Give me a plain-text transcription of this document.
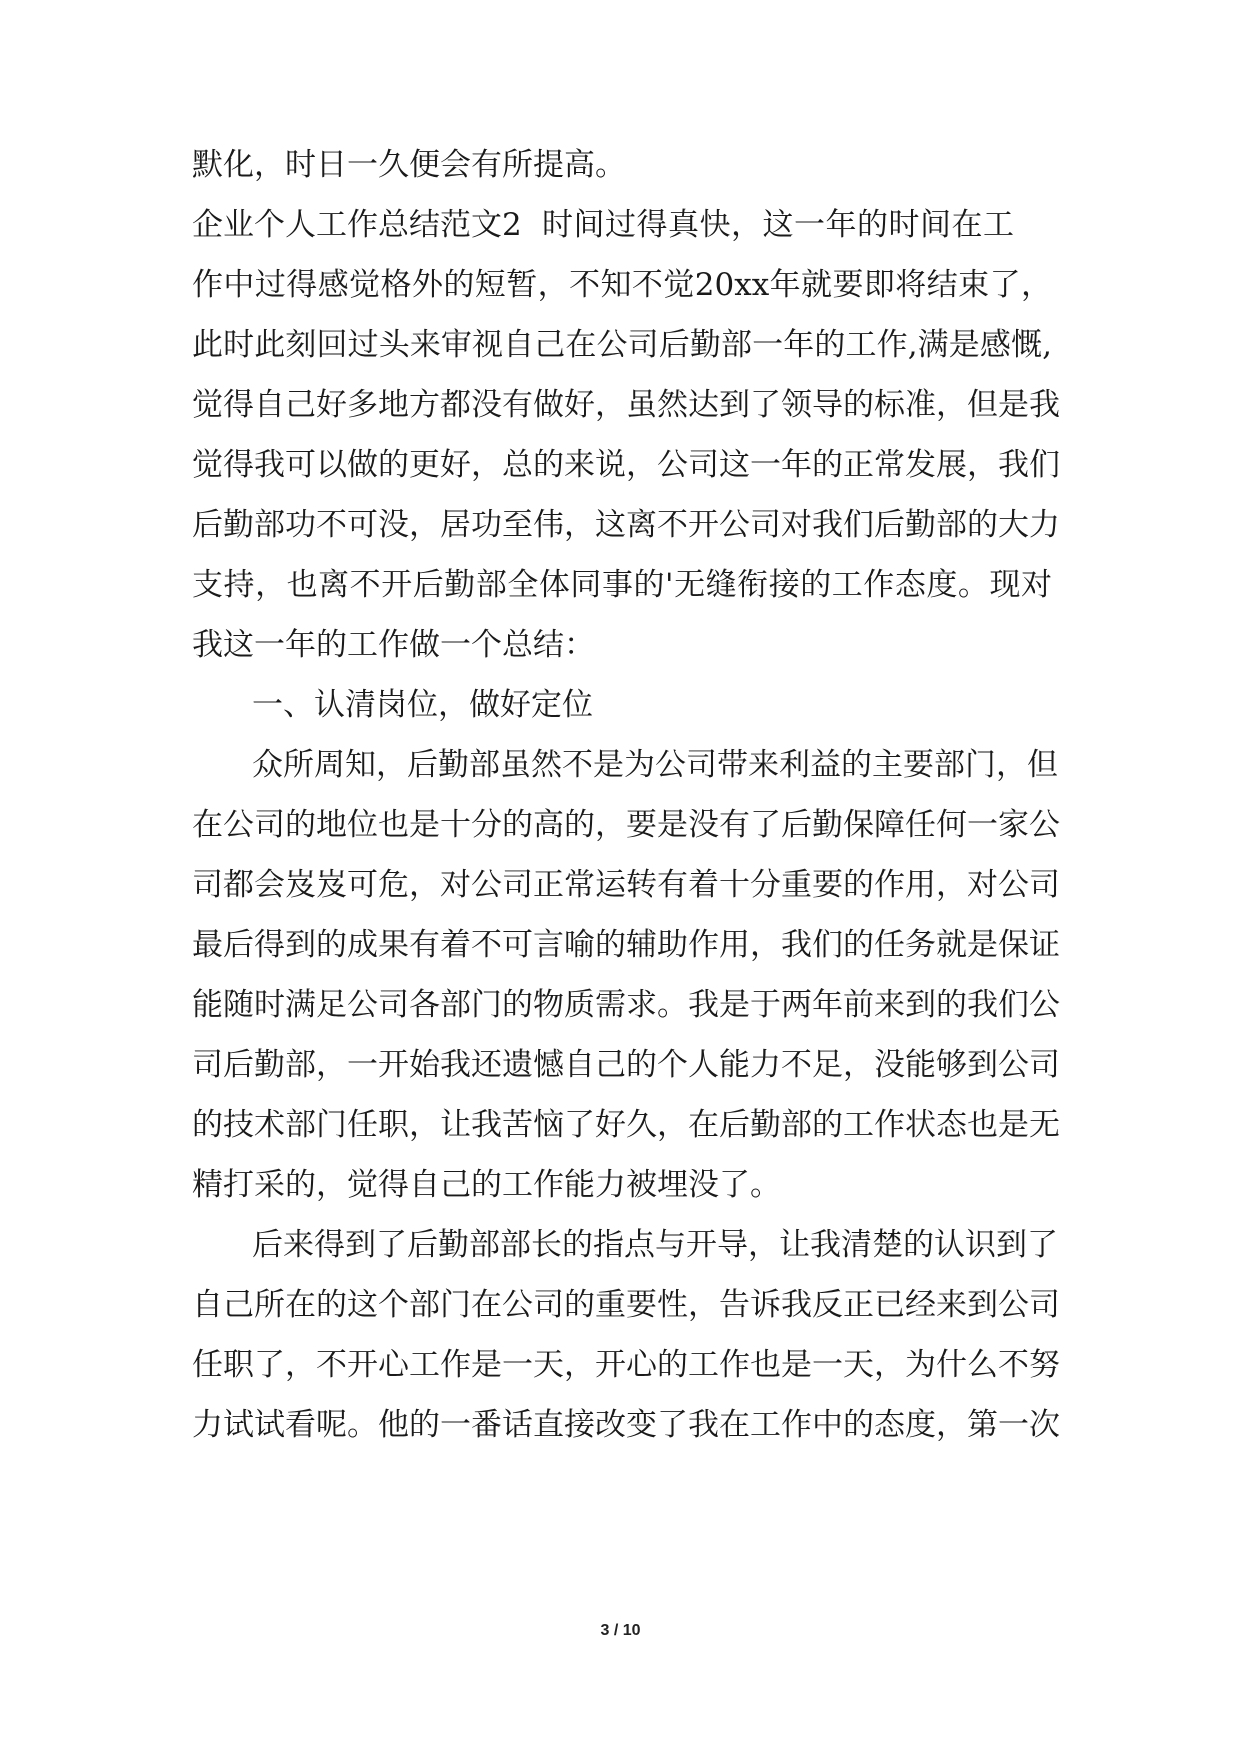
默化，时日一久便会有所提高。
企业个人工作总结范文2 时间过得真快，这一年的时间在工
作中过得感觉格外的短暂，不知不觉20xx年就要即将结束了，
此时此刻回过头来审视自己在公司后勤部一年的工作,满是感慨,
觉得自己好多地方都没有做好，虽然达到了领导的标准，但是我
觉得我可以做的更好，总的来说，公司这一年的正常发展，我们
后勤部功不可没，居功至伟，这离不开公司对我们后勤部的大力
支持，也离不开后勤部全体同事的'无缝衔接的工作态度。现对
我这一年的工作做一个总结：
一、认清岗位，做好定位
众所周知，后勤部虽然不是为公司带来利益的主要部门，但
在公司的地位也是十分的高的，要是没有了后勤保障任何一家公
司都会岌岌可危，对公司正常运转有着十分重要的作用，对公司
最后得到的成果有着不可言喻的辅助作用，我们的任务就是保证
能随时满足公司各部门的物质需求。我是于两年前来到的我们公
司后勤部，一开始我还遗憾自己的个人能力不足，没能够到公司
的技术部门任职，让我苦恼了好久，在后勤部的工作状态也是无
精打采的，觉得自己的工作能力被埋没了。
后来得到了后勤部部长的指点与开导，让我清楚的认识到了
自己所在的这个部门在公司的重要性，告诉我反正已经来到公司
任职了，不开心工作是一天，开心的工作也是一天，为什么不努
力试试看呢。他的一番话直接改变了我在工作中的态度，第一次
3 / 10
